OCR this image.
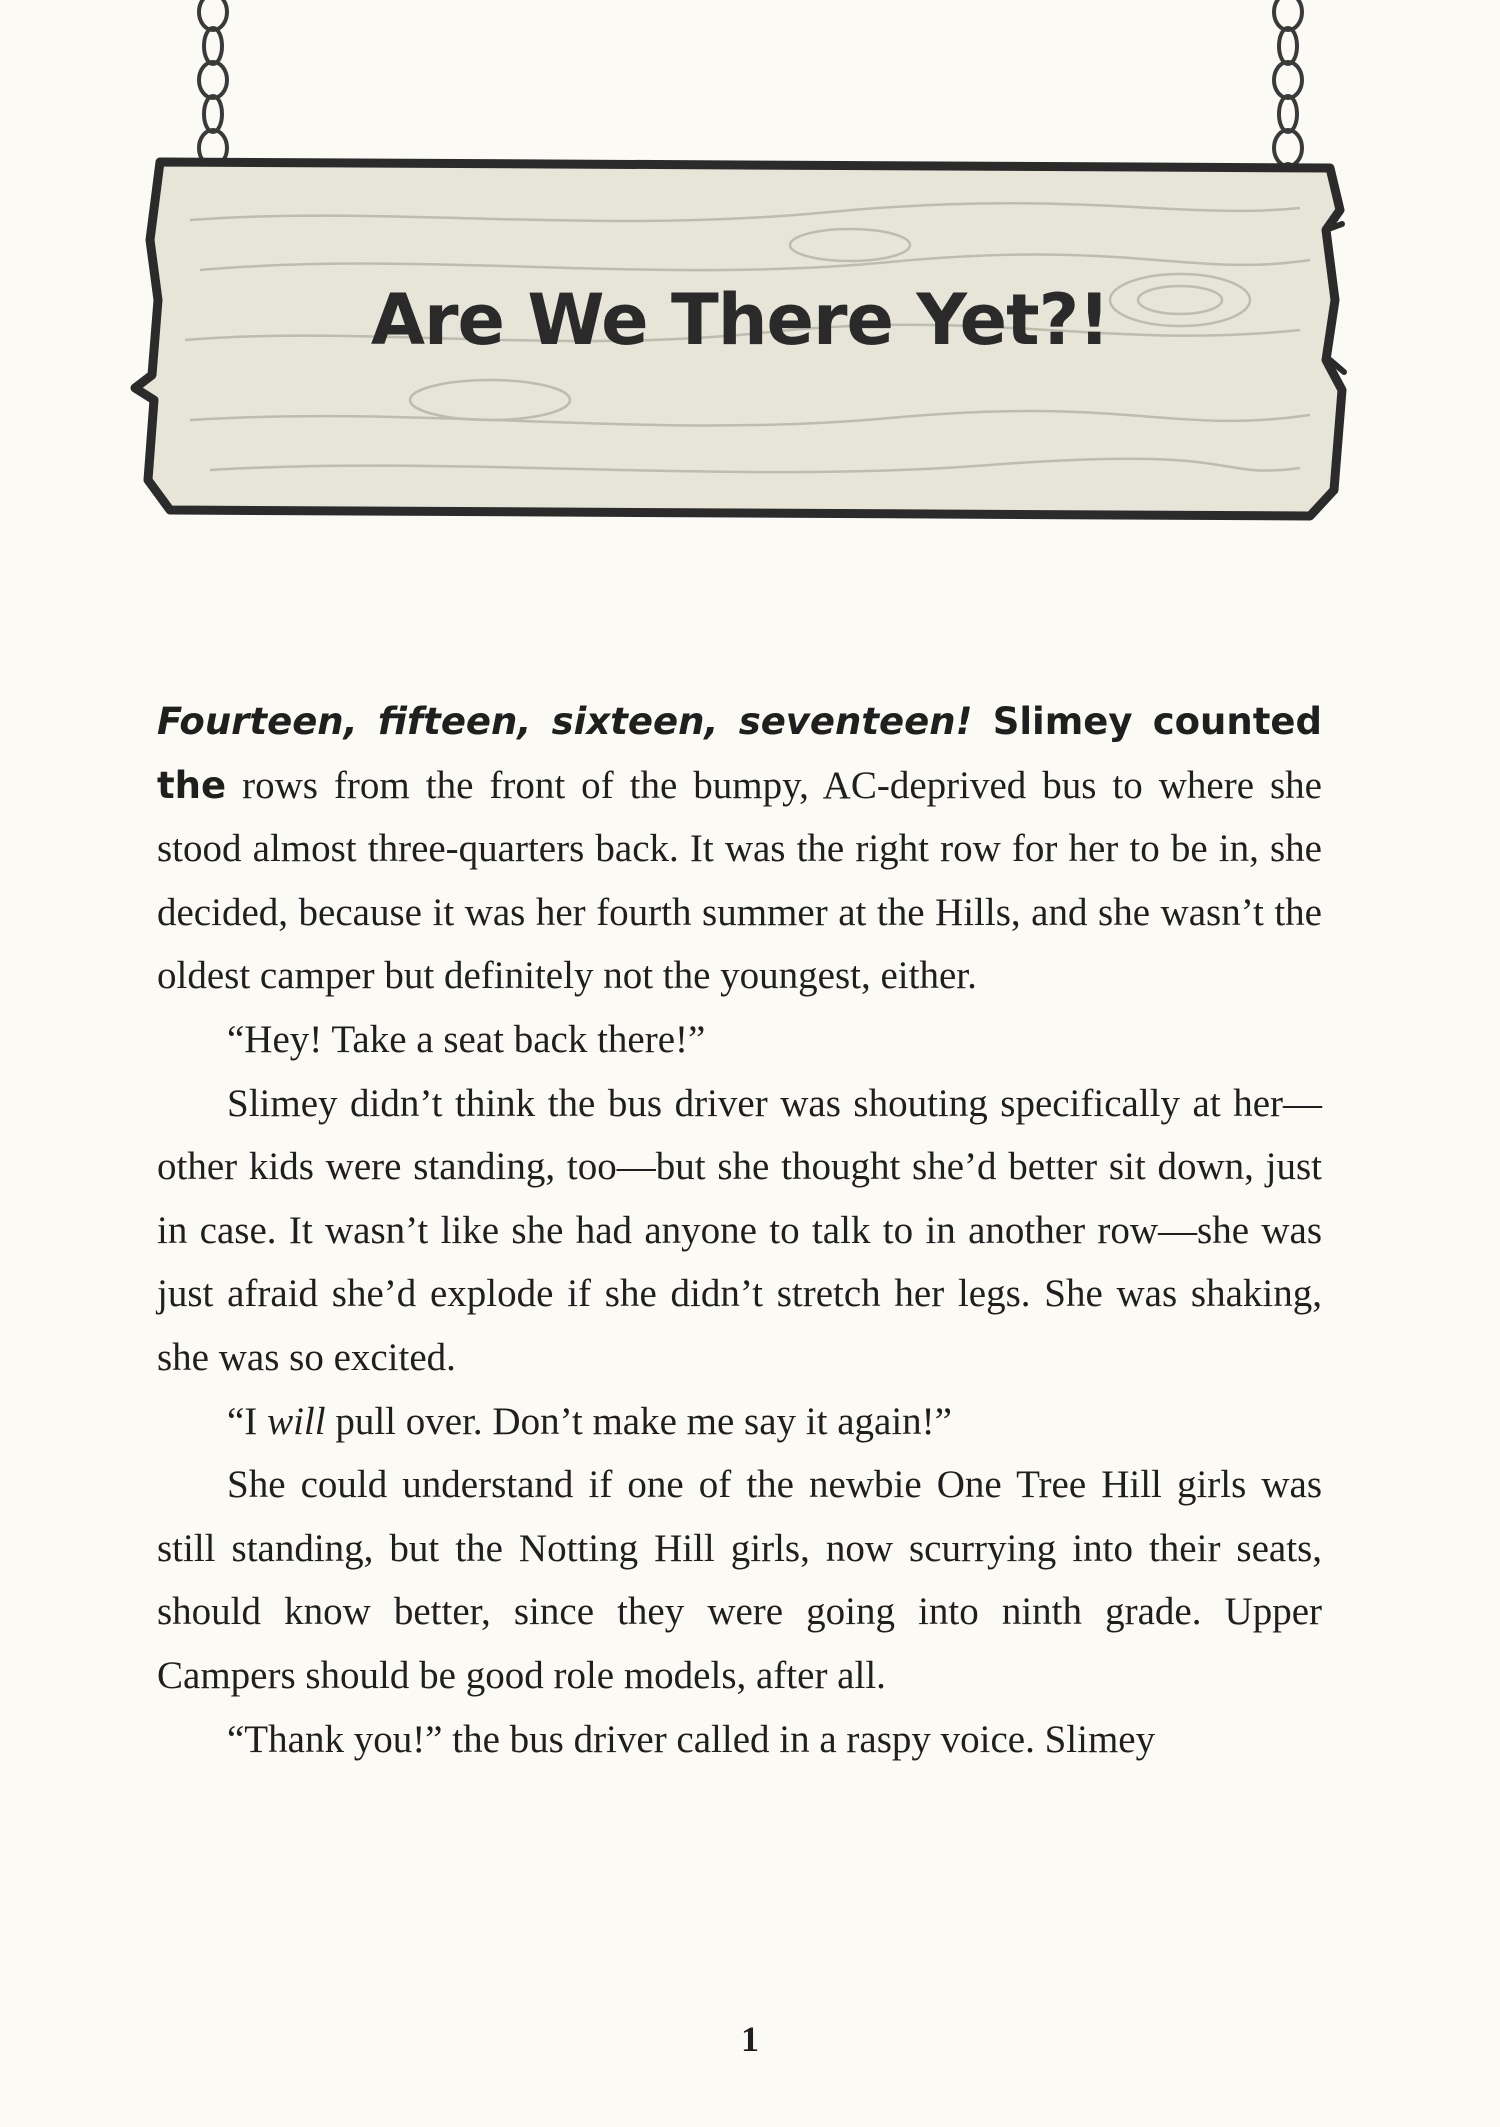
Are We There Yet?!

Fourteen, fifteen, sixteen, seventeen! Slimey counted the rows from the front of the bumpy, AC-deprived bus to where she stood almost three-quarters back. It was the right row for her to be in, she decided, because it was her fourth summer at the Hills, and she wasn’t the oldest camper but definitely not the youngest, either.

“Hey! Take a seat back there!”

Slimey didn’t think the bus driver was shouting specifically at her—other kids were standing, too—but she thought she’d better sit down, just in case. It wasn’t like she had anyone to talk to in another row—she was just afraid she’d explode if she didn’t stretch her legs. She was shaking, she was so excited.

“I will pull over. Don’t make me say it again!”

She could understand if one of the newbie One Tree Hill girls was still standing, but the Notting Hill girls, now scurrying into their seats, should know better, since they were going into ninth grade. Upper Campers should be good role models, after all.

“Thank you!” the bus driver called in a raspy voice. Slimey

1
